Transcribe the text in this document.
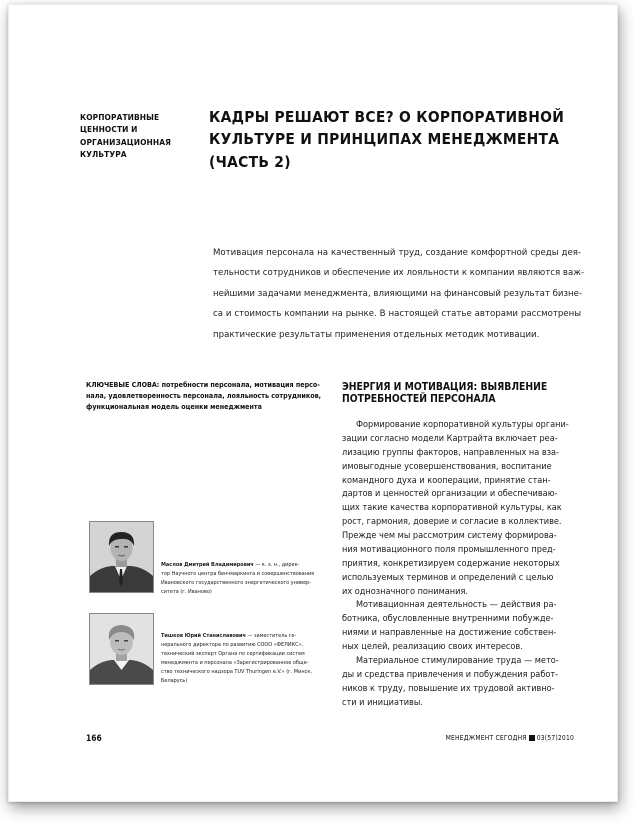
КОРПОРАТИВНЫЕ
ЦЕННОСТИ И
ОРГАНИЗАЦИОННАЯ
КУЛЬТУРА
КАДРЫ РЕШАЮТ ВСЕ? О КОРПОРАТИВНОЙ
КУЛЬТУРЕ И ПРИНЦИПАХ МЕНЕДЖМЕНТА
(ЧАСТЬ 2)
Мотивация персонала на качественный труд, создание комфортной среды дея-
тельности сотрудников и обеспечение их лояльности к компании являются важ-
нейшими задачами менеджмента, влияющими на финансовый результат бизне-
са и стоимость компании на рынке. В настоящей статье авторами рассмотрены
практические результаты применения отдельных методик мотивации.
КЛЮЧЕВЫЕ СЛОВА: потребности персонала, мотивация персо-
нала, удовлетворенность персонала, лояльность сотрудников,
функциональная модель оценки менеджмента
ЭНЕРГИЯ И МОТИВАЦИЯ: ВЫЯВЛЕНИЕ
ПОТРЕБНОСТЕЙ ПЕРСОНАЛА
Формирование корпоративной культуры органи-
зации согласно модели Картрайта включает реа-
лизацию группы факторов, направленных на вза-
имовыгодные усовершенствования, воспитание
командного духа и кооперации, принятие стан-
дартов и ценностей организации и обеспечиваю-
щих такие качества корпоративной культуры, как
рост, гармония, доверие и согласие в коллективе.
Прежде чем мы рассмотрим систему формирова-
ния мотивационного поля промышленного пред-
приятия, конкретизируем содержание некоторых
используемых терминов и определений с целью
их однозначного понимания.
Мотивационная деятельность — действия ра-
ботника, обусловленные внутренними побужде-
ниями и направленные на достижение собствен-
ных целей, реализацию своих интересов.
Материальное стимулирование труда — мето-
ды и средства привлечения и побуждения работ-
ников к труду, повышение их трудовой активно-
сти и инициативы.
Маслов Дмитрий Владимирович — к. э. н., дирек-
тор Научного центра бенчмаркинга и совершенствования
Ивановского государственного энергетического универ-
ситета (г. Иваново)
Тишков Юрий Станиславович — заместитель ге-
нерального директора по развитию СООО «ФЕЛИКС»,
технический эксперт Органа по сертификации систем
менеджмента и персонала «Зарегистрированное обще-
ство технического надзора TUV Thuringen e.V.» (г. Минск,
Беларусь)
166	МЕНЕДЖМЕНТ СЕГОДНЯ 03(57)2010
